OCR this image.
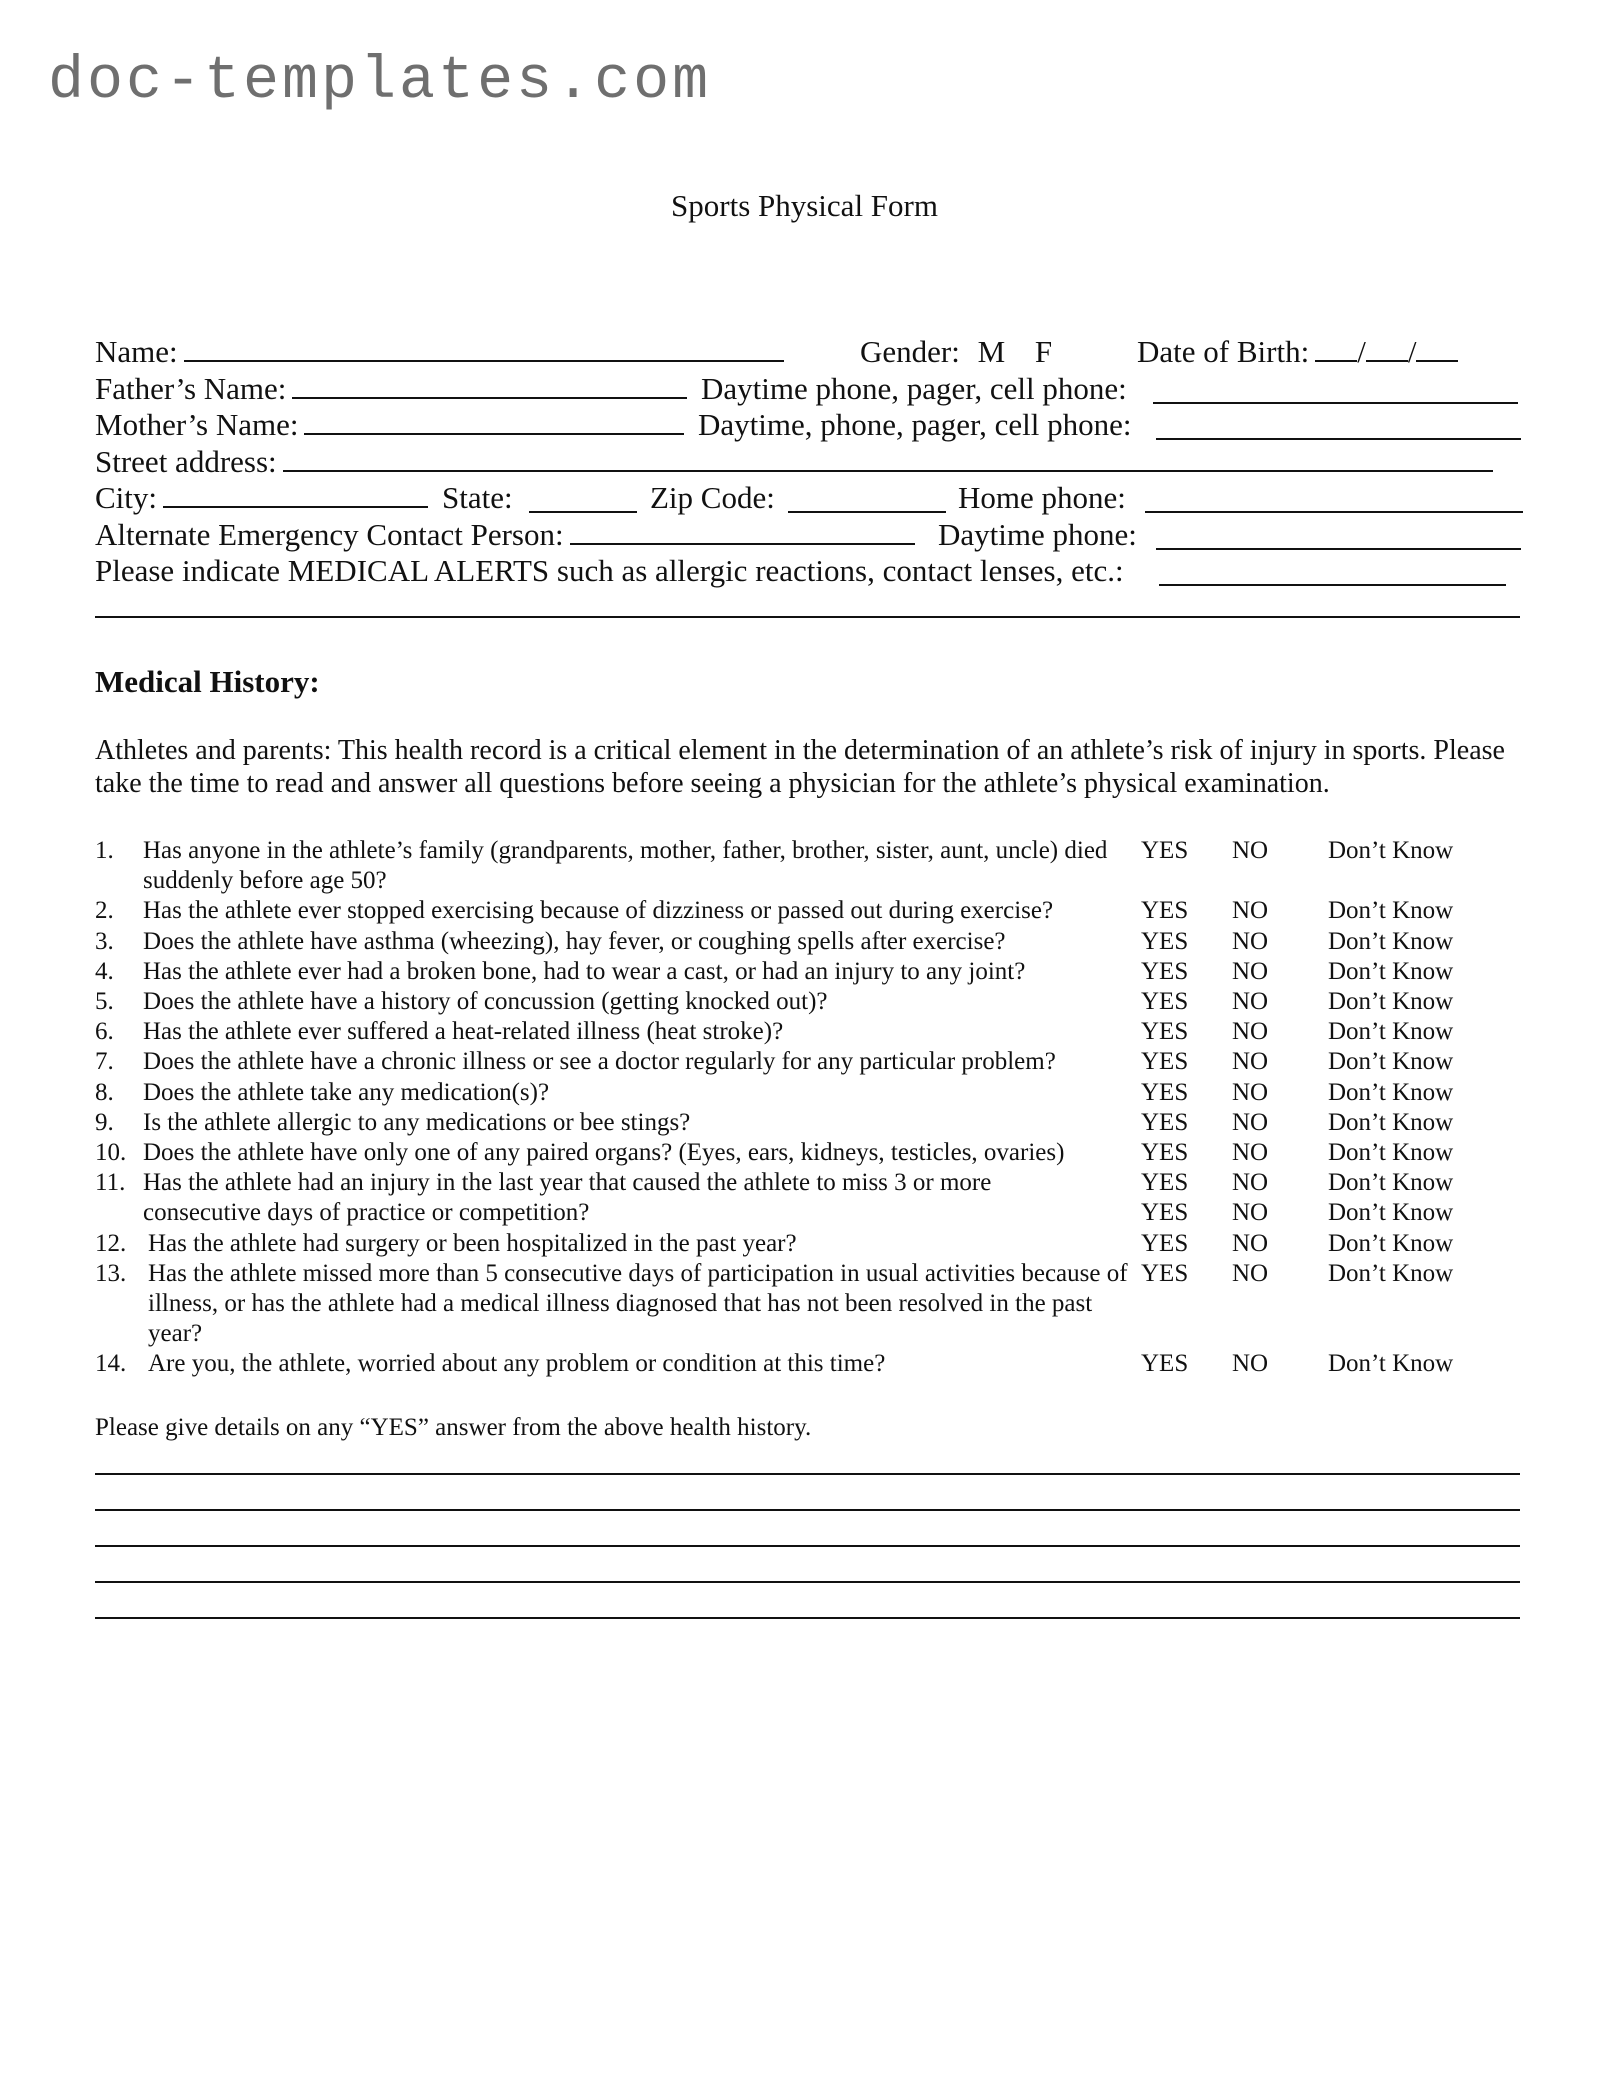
doc-templates.com
Sports Physical Form
Name:	Gender: M F	Date of Birth: / /
Father’s Name:	Daytime phone, pager, cell phone:
Mother’s Name:	Daytime, phone, pager, cell phone:
Street address:
City:	State:	Zip Code:	Home phone:
Alternate Emergency Contact Person:	Daytime phone:
Please indicate MEDICAL ALERTS such as allergic reactions, contact lenses, etc.:
Medical History:
Athletes and parents: This health record is a critical element in the determination of an athlete’s risk of injury in sports. Please take the time to read and answer all questions before seeing a physician for the athlete’s physical examination.
1. Has anyone in the athlete’s family (grandparents, mother, father, brother, sister, aunt, uncle) died suddenly before age 50?
YES NO Don’t Know
2. Has the athlete ever stopped exercising because of dizziness or passed out during exercise?	YES NO Don’t Know
3. Does the athlete have asthma (wheezing), hay fever, or coughing spells after exercise?	YES NO Don’t Know
4. Has the athlete ever had a broken bone, had to wear a cast, or had an injury to any joint?	YES NO Don’t Know
5. Does the athlete have a history of concussion (getting knocked out)?	YES NO Don’t Know
6. Has the athlete ever suffered a heat-related illness (heat stroke)?	YES NO Don’t Know
7. Does the athlete have a chronic illness or see a doctor regularly for any particular problem?	YES NO Don’t Know
8. Does the athlete take any medication(s)?	YES NO Don’t Know
9. Is the athlete allergic to any medications or bee stings?	YES NO Don’t Know
10. Does the athlete have only one of any paired organs? (Eyes, ears, kidneys, testicles, ovaries)	YES NO Don’t Know
11. Has the athlete had an injury in the last year that caused the athlete to miss 3 or more	YES NO Don’t Know
consecutive days of practice or competition?	YES NO Don’t Know
12. Has the athlete had surgery or been hospitalized in the past year?	YES NO Don’t Know
13. Has the athlete missed more than 5 consecutive days of participation in usual activities because of illness, or has the athlete had a medical illness diagnosed that has not been resolved in the past year?
YES NO Don’t Know
14. Are you, the athlete, worried about any problem or condition at this time?	YES NO Don’t Know
Please give details on any “YES” answer from the above health history.
